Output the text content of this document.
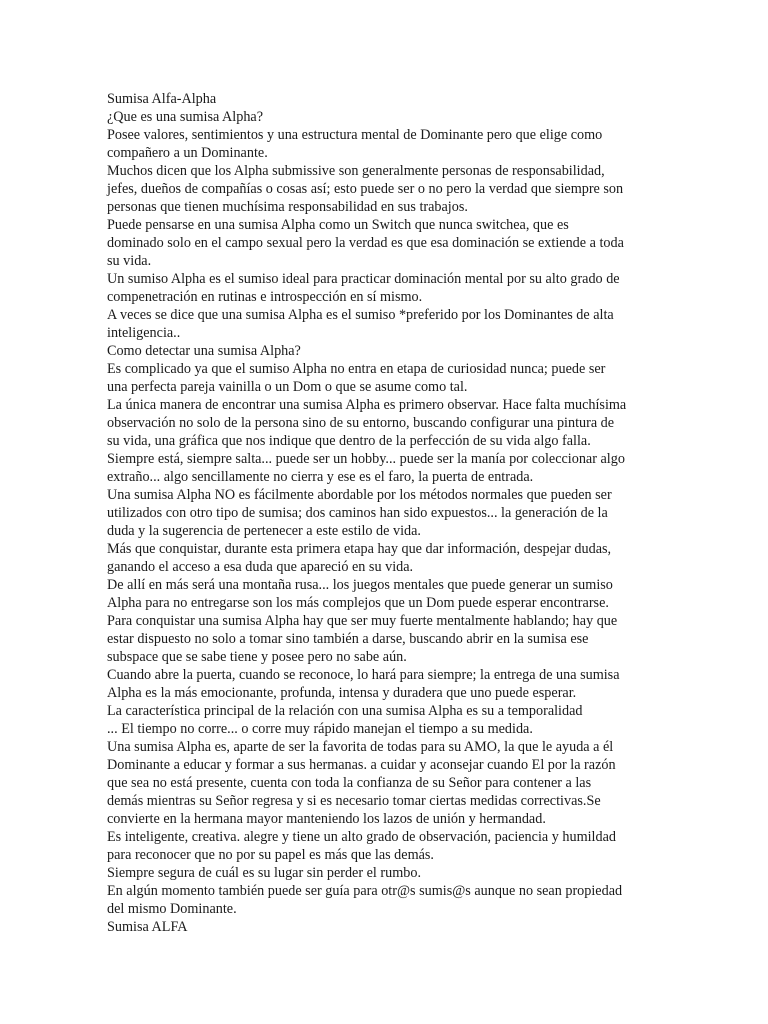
Sumisa Alfa-Alpha
¿Que es una sumisa Alpha?
Posee valores, sentimientos y una estructura mental de Dominante pero que elige como
compañero a un Dominante.
Muchos dicen que los Alpha submissive son generalmente personas de responsabilidad,
jefes, dueños de compañías o cosas así; esto puede ser o no pero la verdad que siempre son
personas que tienen muchísima responsabilidad en sus trabajos.
Puede pensarse en una sumisa Alpha como un Switch que nunca switchea, que es
dominado solo en el campo sexual pero la verdad es que esa dominación se extiende a toda
su vida.
Un sumiso Alpha es el sumiso ideal para practicar dominación mental por su alto grado de
compenetración en rutinas e introspección en sí mismo.
A veces se dice que una sumisa Alpha es el sumiso *preferido por los Dominantes de alta
inteligencia..
Como detectar una sumisa Alpha?
Es complicado ya que el sumiso Alpha no entra en etapa de curiosidad nunca; puede ser
una perfecta pareja vainilla o un Dom o que se asume como tal.
La única manera de encontrar una sumisa Alpha es primero observar. Hace falta muchísima
observación no solo de la persona sino de su entorno, buscando configurar una pintura de
su vida, una gráfica que nos indique que dentro de la perfección de su vida algo falla.
Siempre está, siempre salta... puede ser un hobby... puede ser la manía por coleccionar algo
extraño... algo sencillamente no cierra y ese es el faro, la puerta de entrada.
Una sumisa Alpha NO es fácilmente abordable por los métodos normales que pueden ser
utilizados con otro tipo de sumisa; dos caminos han sido expuestos... la generación de la
duda y la sugerencia de pertenecer a este estilo de vida.
Más que conquistar, durante esta primera etapa hay que dar información, despejar dudas,
ganando el acceso a esa duda que apareció en su vida.
De allí en más será una montaña rusa... los juegos mentales que puede generar un sumiso
Alpha para no entregarse son los más complejos que un Dom puede esperar encontrarse.
Para conquistar una sumisa Alpha hay que ser muy fuerte mentalmente hablando; hay que
estar dispuesto no solo a tomar sino también a darse, buscando abrir en la sumisa ese
subspace que se sabe tiene y posee pero no sabe aún.
Cuando abre la puerta, cuando se reconoce, lo hará para siempre; la entrega de una sumisa
Alpha es la más emocionante, profunda, intensa y duradera que uno puede esperar.
La característica principal de la relación con una sumisa Alpha es su a temporalidad
... El tiempo no corre... o corre muy rápido manejan el tiempo a su medida.
Una sumisa Alpha es, aparte de ser la favorita de todas para su AMO, la que le ayuda a él
Dominante a educar y formar a sus hermanas. a cuidar y aconsejar cuando El por la razón
que sea no está presente, cuenta con toda la confianza de su Señor para contener a las
demás mientras su Señor regresa y si es necesario tomar ciertas medidas correctivas.Se
convierte en la hermana mayor manteniendo los lazos de unión y hermandad.
Es inteligente, creativa. alegre y tiene un alto grado de observación, paciencia y humildad
para reconocer que no por su papel es más que las demás.
Siempre segura de cuál es su lugar sin perder el rumbo.
En algún momento también puede ser guía para otr@s sumis@s aunque no sean propiedad
del mismo Dominante.
Sumisa ALFA
